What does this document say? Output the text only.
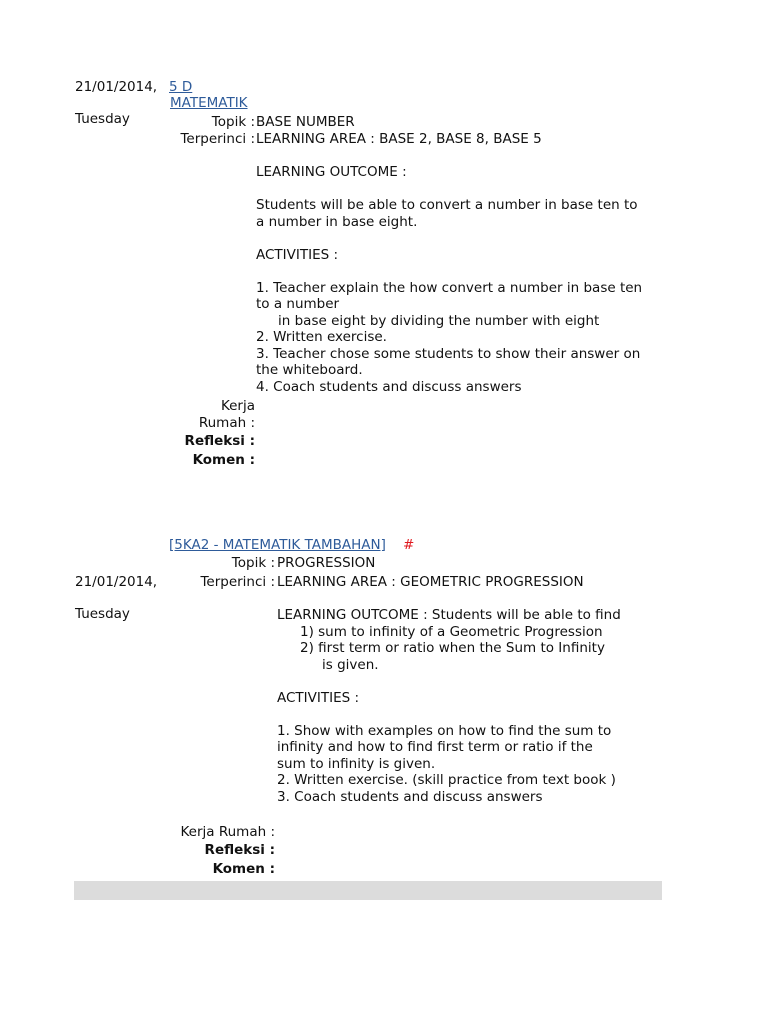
21/01/2014, 5 D
MATEMATIK
Tuesday	Topik : BASE NUMBER
Terperinci : LEARNING AREA : BASE 2, BASE 8, BASE 5
LEARNING OUTCOME :
Students will be able to convert a number in base ten to
a number in base eight.
ACTIVITIES :
1. Teacher explain the how convert a number in base ten
to a number
in base eight by dividing the number with eight
2. Written exercise.
3. Teacher chose some students to show their answer on
the whiteboard.
4. Coach students and discuss answers
Kerja
Rumah :
Refleksi :
Komen :
[5KA2 - MATEMATIK TAMBAHAN] #
Topik : PROGRESSION
21/01/2014,	Terperinci : LEARNING AREA : GEOMETRIC PROGRESSION
Tuesday	LEARNING OUTCOME : Students will be able to find
1) sum to infinity of a Geometric Progression
2) first term or ratio when the Sum to Infinity
is given.
ACTIVITIES :
1. Show with examples on how to find the sum to
infinity and how to find first term or ratio if the
sum to infinity is given.
2. Written exercise. (skill practice from text book )
3. Coach students and discuss answers
Kerja Rumah :
Refleksi :
Komen :
